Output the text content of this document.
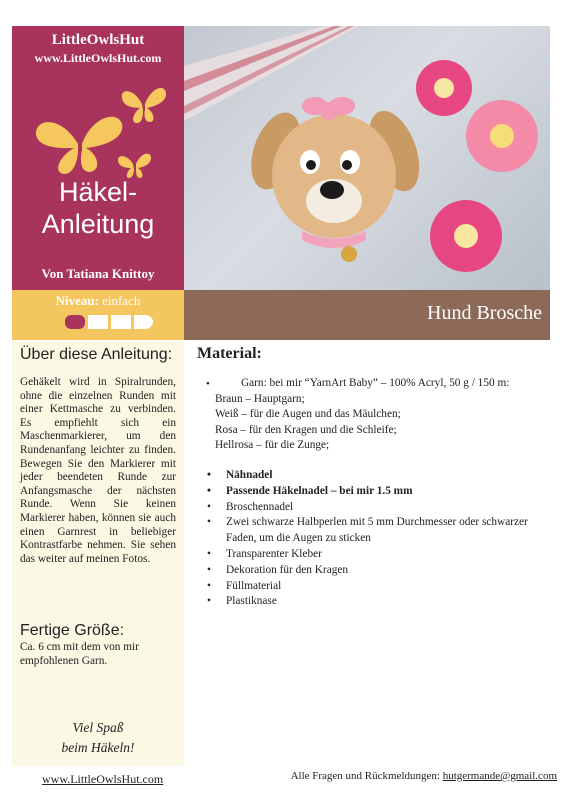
LittleOwlsHut
www.LittleOwlsHut.com
Häkel-
Anleitung
Von Tatiana Knittoy
Niveau: einfach
Hund Brosche
Über diese Anleitung:
Gehäkelt wird in Spiralrunden, ohne die einzelnen Runden mit einer Kettmasche zu verbinden. Es empfiehlt sich ein Maschenmarkierer, um den Rundenanfang leichter zu finden. Bewegen Sie den Markierer mit jeder beendeten Runde zur Anfangsmasche der nächsten Runde. Wenn Sie keinen Markierer haben, können sie auch einen Garnrest in beliebiger Kontrastfarbe nehmen. Sie sehen das weiter auf meinen Fotos.
Fertige Größe:
Ca. 6 cm mit dem von mir empfohlenen Garn.
Viel Spaß
beim Häkeln!
Material:
•	Garn: bei mir “YarnArt Baby” – 100% Acryl, 50 g / 150 m:
Braun – Hauptgarn;
Weiß – für die Augen und das Mäulchen;
Rosa – für den Kragen und die Schleife;
Hellrosa – für die Zunge;
• Nähnadel
• Passende Häkelnadel – bei mir 1.5 mm
• Broschennadel
• Zwei schwarze Halbperlen mit 5 mm Durchmesser oder schwarzer Faden, um die Augen zu sticken
• Transparenter Kleber
• Dekoration für den Kragen
• Füllmaterial
• Plastiknase
www.LittleOwlsHut.com	Alle Fragen und Rückmeldungen: hutgermande@gmail.com
